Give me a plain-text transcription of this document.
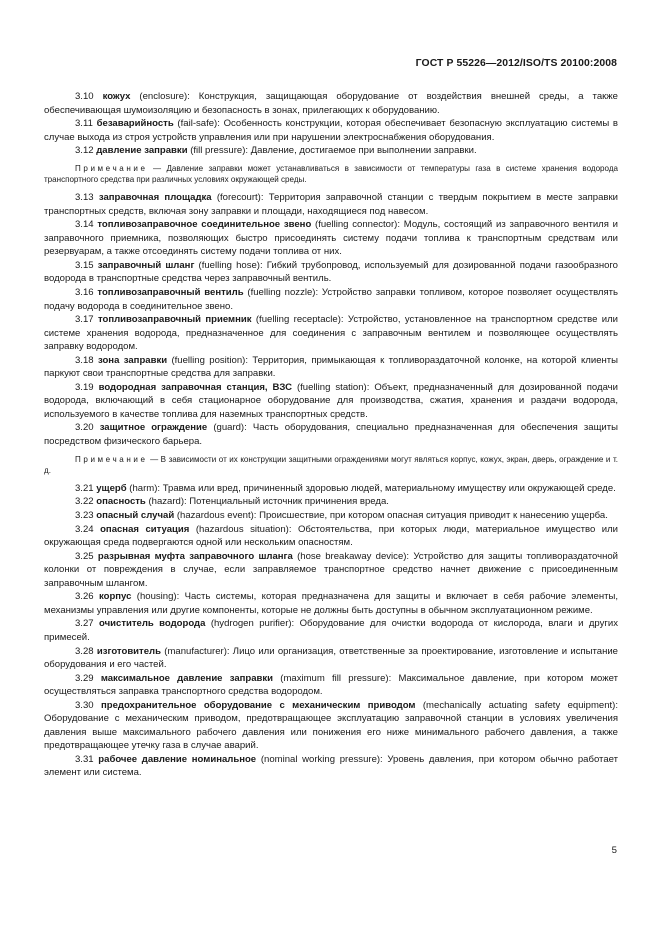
ГОСТ Р 55226—2012/ISO/TS 20100:2008

3.10 кожух (enclosure): Конструкция, защищающая оборудование от воздействия внешней среды, а также обеспечивающая шумоизоляцию и безопасность в зонах, прилегающих к оборудованию.

3.11 безаварийность (fail-safe): Особенность конструкции, которая обеспечивает безопасную эксплуатацию системы в случае выхода из строя устройств управления или при нарушении электроснабжения оборудования.

3.12 давление заправки (fill pressure): Давление, достигаемое при выполнении заправки.

Примечание — Давление заправки может устанавливаться в зависимости от температуры газа в системе хранения водорода транспортного средства при различных условиях окружающей среды.

3.13 заправочная площадка (forecourt): Территория заправочной станции с твердым покрытием в месте заправки транспортных средств, включая зону заправки и площади, находящиеся под навесом.

3.14 топливозаправочное соединительное звено (fuelling connector): Модуль, состоящий из заправочного вентиля и заправочного приемника, позволяющих быстро присоединять систему подачи топлива к транспортным средствам или резервуарам, а также отсоединять систему подачи топлива от них.

3.15 заправочный шланг (fuelling hose): Гибкий трубопровод, используемый для дозированной подачи газообразного водорода в транспортные средства через заправочный вентиль.

3.16 топливозаправочный вентиль (fuelling nozzle): Устройство заправки топливом, которое позволяет осуществлять подачу водорода в соединительное звено.

3.17 топливозаправочный приемник (fuelling receptacle): Устройство, установленное на транспортном средстве или системе хранения водорода, предназначенное для соединения с заправочным вентилем и позволяющее осуществлять заправку водородом.

3.18 зона заправки (fuelling position): Территория, примыкающая к топливораздаточной колонке, на которой клиенты паркуют свои транспортные средства для заправки.

3.19 водородная заправочная станция, ВЗС (fuelling station): Объект, предназначенный для дозированной подачи водорода, включающий в себя стационарное оборудование для производства, сжатия, хранения и раздачи водорода, используемого в качестве топлива для наземных транспортных средств.

3.20 защитное ограждение (guard): Часть оборудования, специально предназначенная для обеспечения защиты посредством физического барьера.

Примечание — В зависимости от их конструкции защитными ограждениями могут являться корпус, кожух, экран, дверь, ограждение и т. д.

3.21 ущерб (harm): Травма или вред, причиненный здоровью людей, материальному имуществу или окружающей среде.

3.22 опасность (hazard): Потенциальный источник причинения вреда.

3.23 опасный случай (hazardous event): Происшествие, при котором опасная ситуация приводит к нанесению ущерба.

3.24 опасная ситуация (hazardous situation): Обстоятельства, при которых люди, материальное имущество или окружающая среда подвергаются одной или нескольким опасностям.

3.25 разрывная муфта заправочного шланга (hose breakaway device): Устройство для защиты топливораздаточной колонки от повреждения в случае, если заправляемое транспортное средство начнет движение с присоединенным заправочным шлангом.

3.26 корпус (housing): Часть системы, которая предназначена для защиты и включает в себя рабочие элементы, механизмы управления или другие компоненты, которые не должны быть доступны в обычном эксплуатационном режиме.

3.27 очиститель водорода (hydrogen purifier): Оборудование для очистки водорода от кислорода, влаги и других примесей.

3.28 изготовитель (manufacturer): Лицо или организация, ответственные за проектирование, изготовление и испытание оборудования и его частей.

3.29 максимальное давление заправки (maximum fill pressure): Максимальное давление, при котором может осуществляться заправка транспортного средства водородом.

3.30 предохранительное оборудование с механическим приводом (mechanically actuating safety equipment): Оборудование с механическим приводом, предотвращающее эксплуатацию заправочной станции в условиях увеличения давления выше максимального рабочего давления или понижения его ниже минимального рабочего давления, а также предотвращающее утечку газа в случае аварий.

3.31 рабочее давление номинальное (nominal working pressure): Уровень давления, при котором обычно работает элемент или система.

5
